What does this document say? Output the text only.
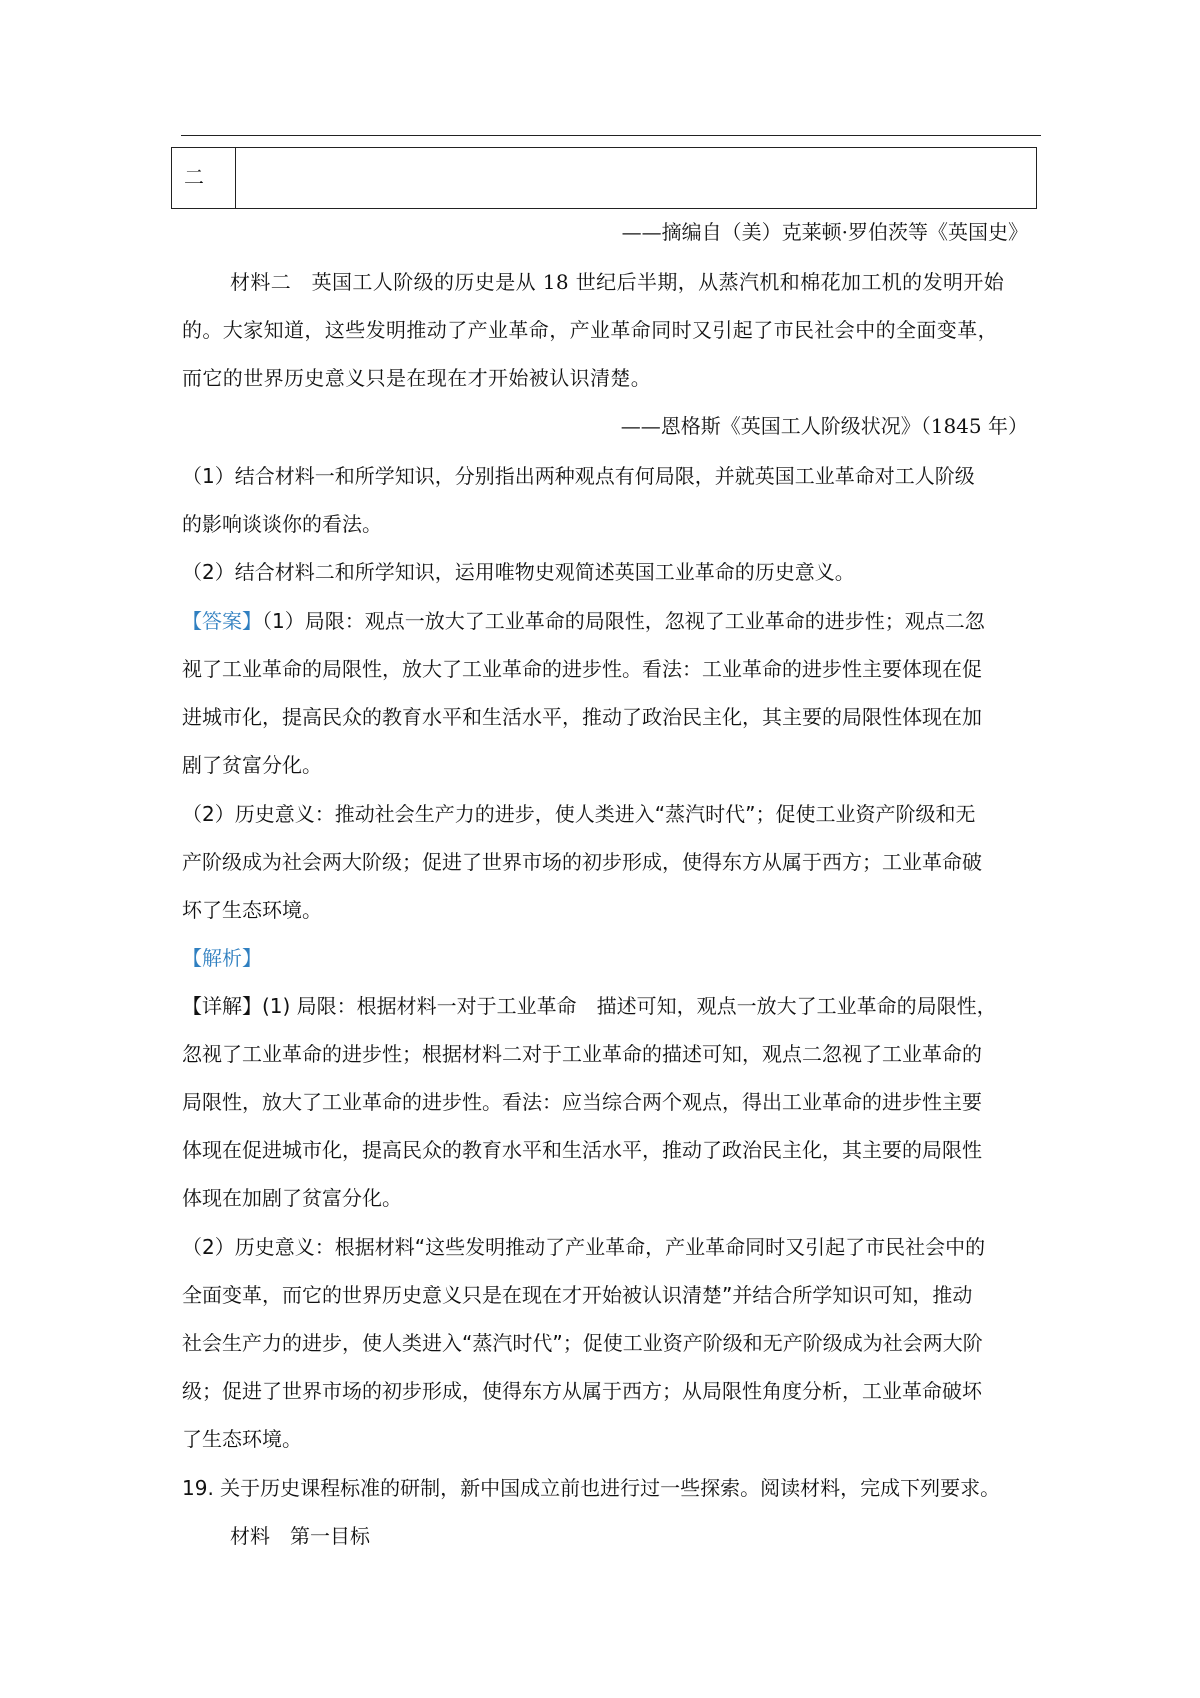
二
——摘编自（美）克莱顿·罗伯茨等《英国史》
材料二　英国工人阶级的历史是从 18 世纪后半期，从蒸汽机和棉花加工机的发明开始
的。大家知道，这些发明推动了产业革命，产业革命同时又引起了市民社会中的全面变革，
而它的世界历史意义只是在现在才开始被认识清楚。
——恩格斯《英国工人阶级状况》（1845 年）
（1）结合材料一和所学知识，分别指出两种观点有何局限，并就英国工业革命对工人阶级
的影响谈谈你的看法。
（2）结合材料二和所学知识，运用唯物史观简述英国工业革命的历史意义。
【答案】（1）局限：观点一放大了工业革命的局限性，忽视了工业革命的进步性；观点二忽
视了工业革命的局限性，放大了工业革命的进步性。看法：工业革命的进步性主要体现在促
进城市化，提高民众的教育水平和生活水平，推动了政治民主化，其主要的局限性体现在加
剧了贫富分化。
（2）历史意义：推动社会生产力的进步，使人类进入“蒸汽时代”；促使工业资产阶级和无
产阶级成为社会两大阶级；促进了世界市场的初步形成，使得东方从属于西方；工业革命破
坏了生态环境。
【解析】
【详解】(1) 局限：根据材料一对于工业革命　描述可知，观点一放大了工业革命的局限性，
忽视了工业革命的进步性；根据材料二对于工业革命的描述可知，观点二忽视了工业革命的
局限性，放大了工业革命的进步性。看法：应当综合两个观点，得出工业革命的进步性主要
体现在促进城市化，提高民众的教育水平和生活水平，推动了政治民主化，其主要的局限性
体现在加剧了贫富分化。
（2）历史意义：根据材料“这些发明推动了产业革命，产业革命同时又引起了市民社会中的
全面变革，而它的世界历史意义只是在现在才开始被认识清楚”并结合所学知识可知，推动
社会生产力的进步，使人类进入“蒸汽时代”；促使工业资产阶级和无产阶级成为社会两大阶
级；促进了世界市场的初步形成，使得东方从属于西方；从局限性角度分析，工业革命破坏
了生态环境。
19. 关于历史课程标准的研制，新中国成立前也进行过一些探索。阅读材料，完成下列要求。
材料　第一目标
